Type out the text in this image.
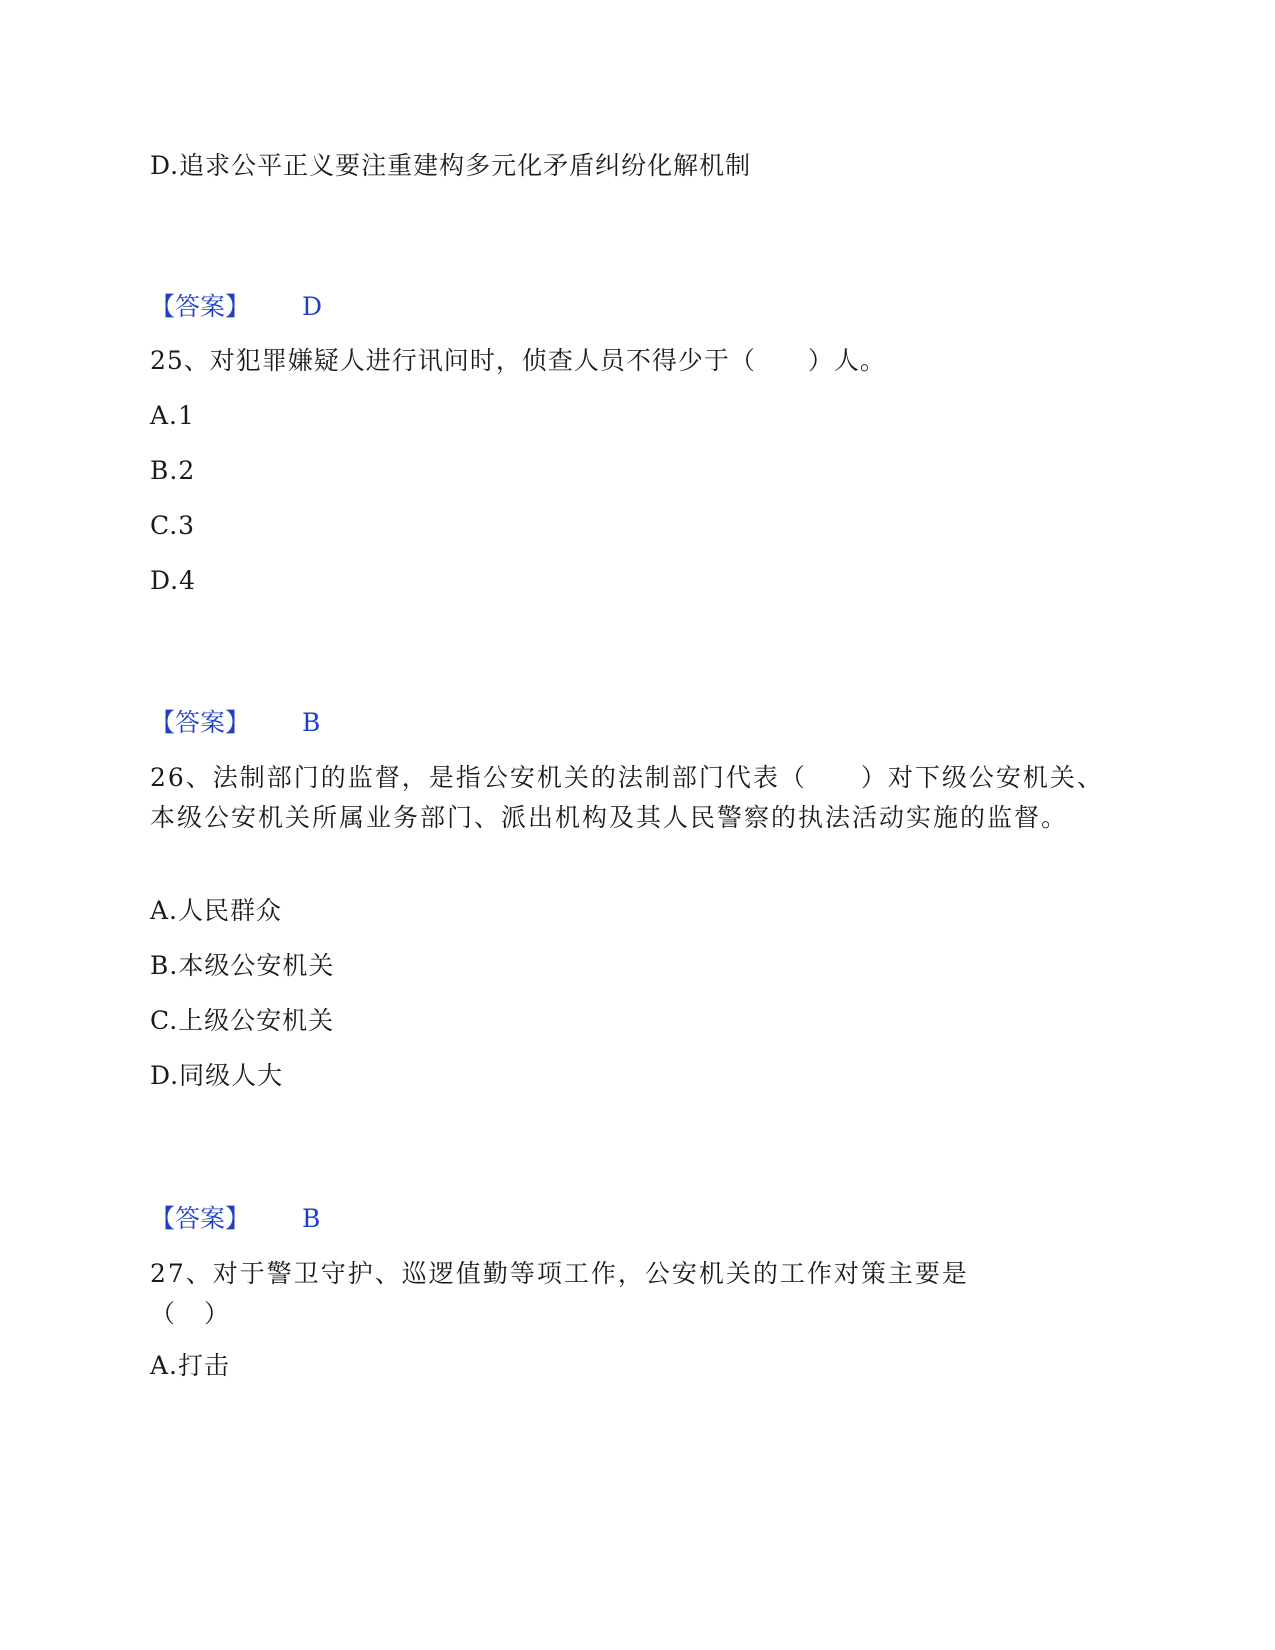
D.追求公平正义要注重建构多元化矛盾纠纷化解机制
【答案】 D
25、对犯罪嫌疑人进行讯问时，侦查人员不得少于（　　）人。
A.1
B.2
C.3
D.4
【答案】 B
26、法制部门的监督，是指公安机关的法制部门代表（　　）对下级公安机关、本级公安机关所属业务部门、派出机构及其人民警察的执法活动实施的监督。
A.人民群众
B.本级公安机关
C.上级公安机关
D.同级人大
【答案】 B
27、对于警卫守护、巡逻值勤等项工作，公安机关的工作对策主要是（　）
A.打击
